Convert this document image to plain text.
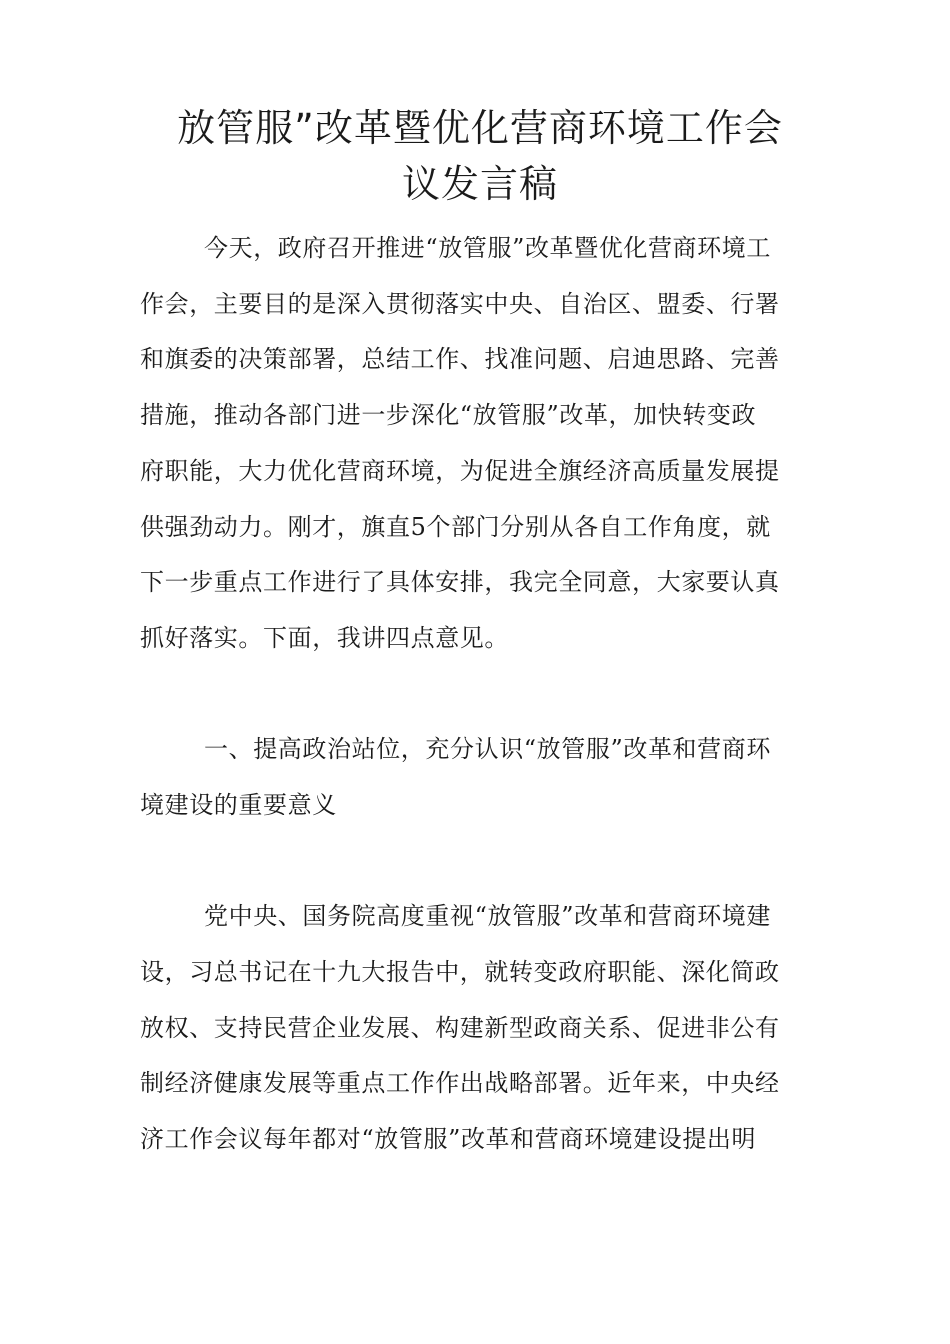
放管服”改革暨优化营商环境工作会
议发言稿
今天，政府召开推进“放管服”改革暨优化营商环境工
作会，主要目的是深入贯彻落实中央、自治区、盟委、行署
和旗委的决策部署，总结工作、找准问题、启迪思路、完善
措施，推动各部门进一步深化“放管服”改革，加快转变政
府职能，大力优化营商环境，为促进全旗经济高质量发展提
供强劲动力。刚才，旗直5个部门分别从各自工作角度，就
下一步重点工作进行了具体安排，我完全同意，大家要认真
抓好落实。下面，我讲四点意见。
一、提高政治站位，充分认识“放管服”改革和营商环
境建设的重要意义
党中央、国务院高度重视“放管服”改革和营商环境建
设，习总书记在十九大报告中，就转变政府职能、深化简政
放权、支持民营企业发展、构建新型政商关系、促进非公有
制经济健康发展等重点工作作出战略部署。近年来，中央经
济工作会议每年都对“放管服”改革和营商环境建设提出明
